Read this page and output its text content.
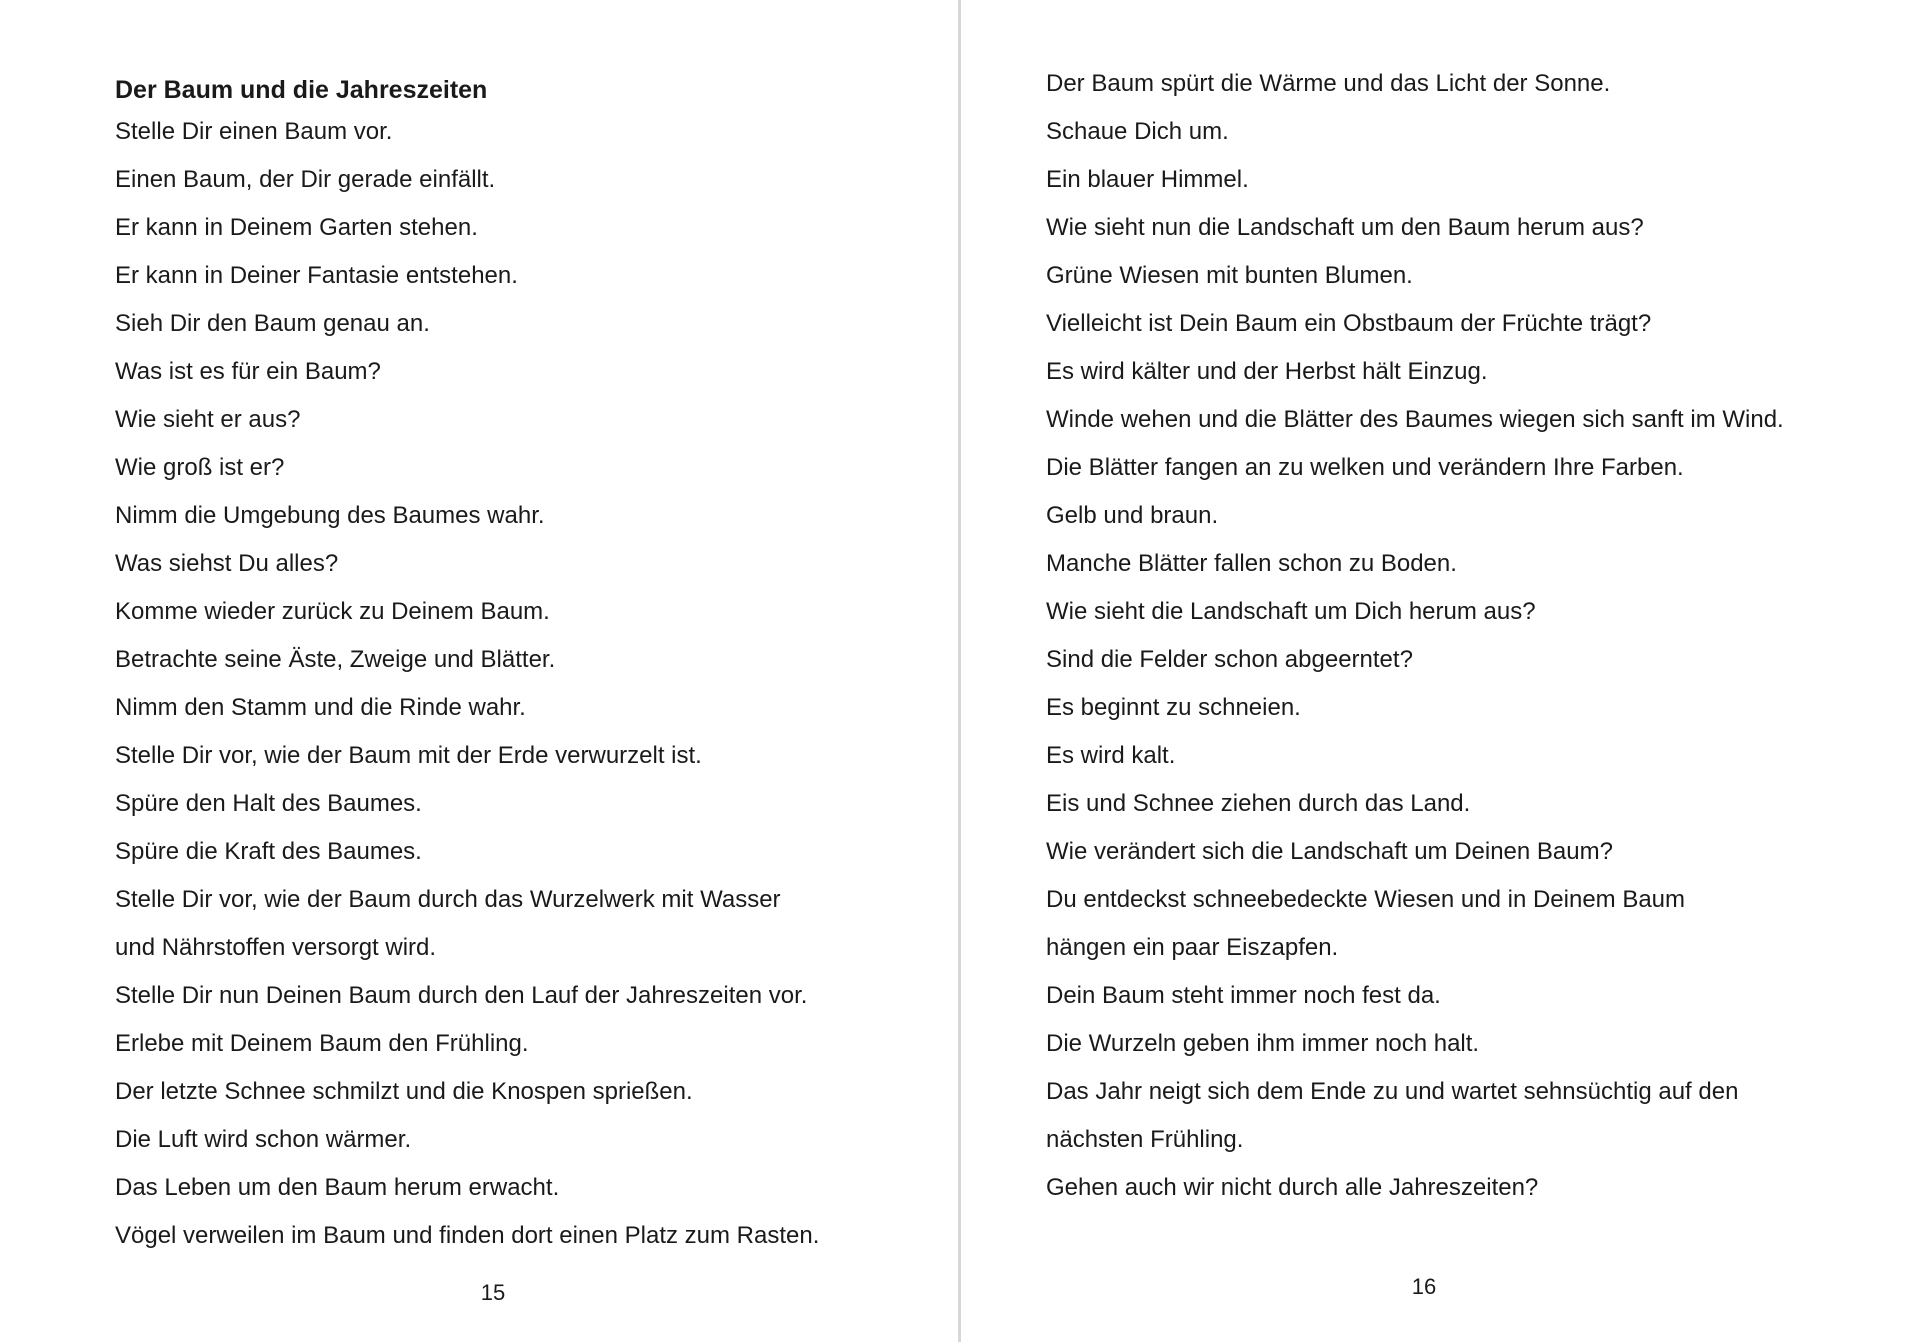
Der Baum und die Jahreszeiten
Stelle Dir einen Baum vor.
Einen Baum, der Dir gerade einfällt.
Er kann in Deinem Garten stehen.
Er kann in Deiner Fantasie entstehen.
Sieh Dir den Baum genau an.
Was ist es für ein Baum?
Wie sieht er aus?
Wie groß ist er?
Nimm die Umgebung des Baumes wahr.
Was siehst Du alles?
Komme wieder zurück zu Deinem Baum.
Betrachte seine Äste, Zweige und Blätter.
Nimm den Stamm und die Rinde wahr.
Stelle Dir vor, wie der Baum mit der Erde verwurzelt ist.
Spüre den Halt des Baumes.
Spüre die Kraft des Baumes.
Stelle Dir vor, wie der Baum durch das Wurzelwerk mit Wasser
und Nährstoffen versorgt wird.
Stelle Dir nun Deinen Baum durch den Lauf der Jahreszeiten vor.
Erlebe mit Deinem Baum den Frühling.
Der letzte Schnee schmilzt und die Knospen sprießen.
Die Luft wird schon wärmer.
Das Leben um den Baum herum erwacht.
Vögel verweilen im Baum und finden dort einen Platz zum Rasten.
15
Der Baum spürt die Wärme und das Licht der Sonne.
Schaue Dich um.
Ein blauer Himmel.
Wie sieht nun die Landschaft um den Baum herum aus?
Grüne Wiesen mit bunten Blumen.
Vielleicht ist Dein Baum ein Obstbaum der Früchte trägt?
Es wird kälter und der Herbst hält Einzug.
Winde wehen und die Blätter des Baumes wiegen sich sanft im Wind.
Die Blätter fangen an zu welken und verändern Ihre Farben.
Gelb und braun.
Manche Blätter fallen schon zu Boden.
Wie sieht die Landschaft um Dich herum aus?
Sind die Felder schon abgeerntet?
Es beginnt zu schneien.
Es wird kalt.
Eis und Schnee ziehen durch das Land.
Wie verändert sich die Landschaft um Deinen Baum?
Du entdeckst schneebedeckte Wiesen und in Deinem Baum
hängen ein paar Eiszapfen.
Dein Baum steht immer noch fest da.
Die Wurzeln geben ihm immer noch halt.
Das Jahr neigt sich dem Ende zu und wartet sehnsüchtig auf den
nächsten Frühling.
Gehen auch wir nicht durch alle Jahreszeiten?
16
